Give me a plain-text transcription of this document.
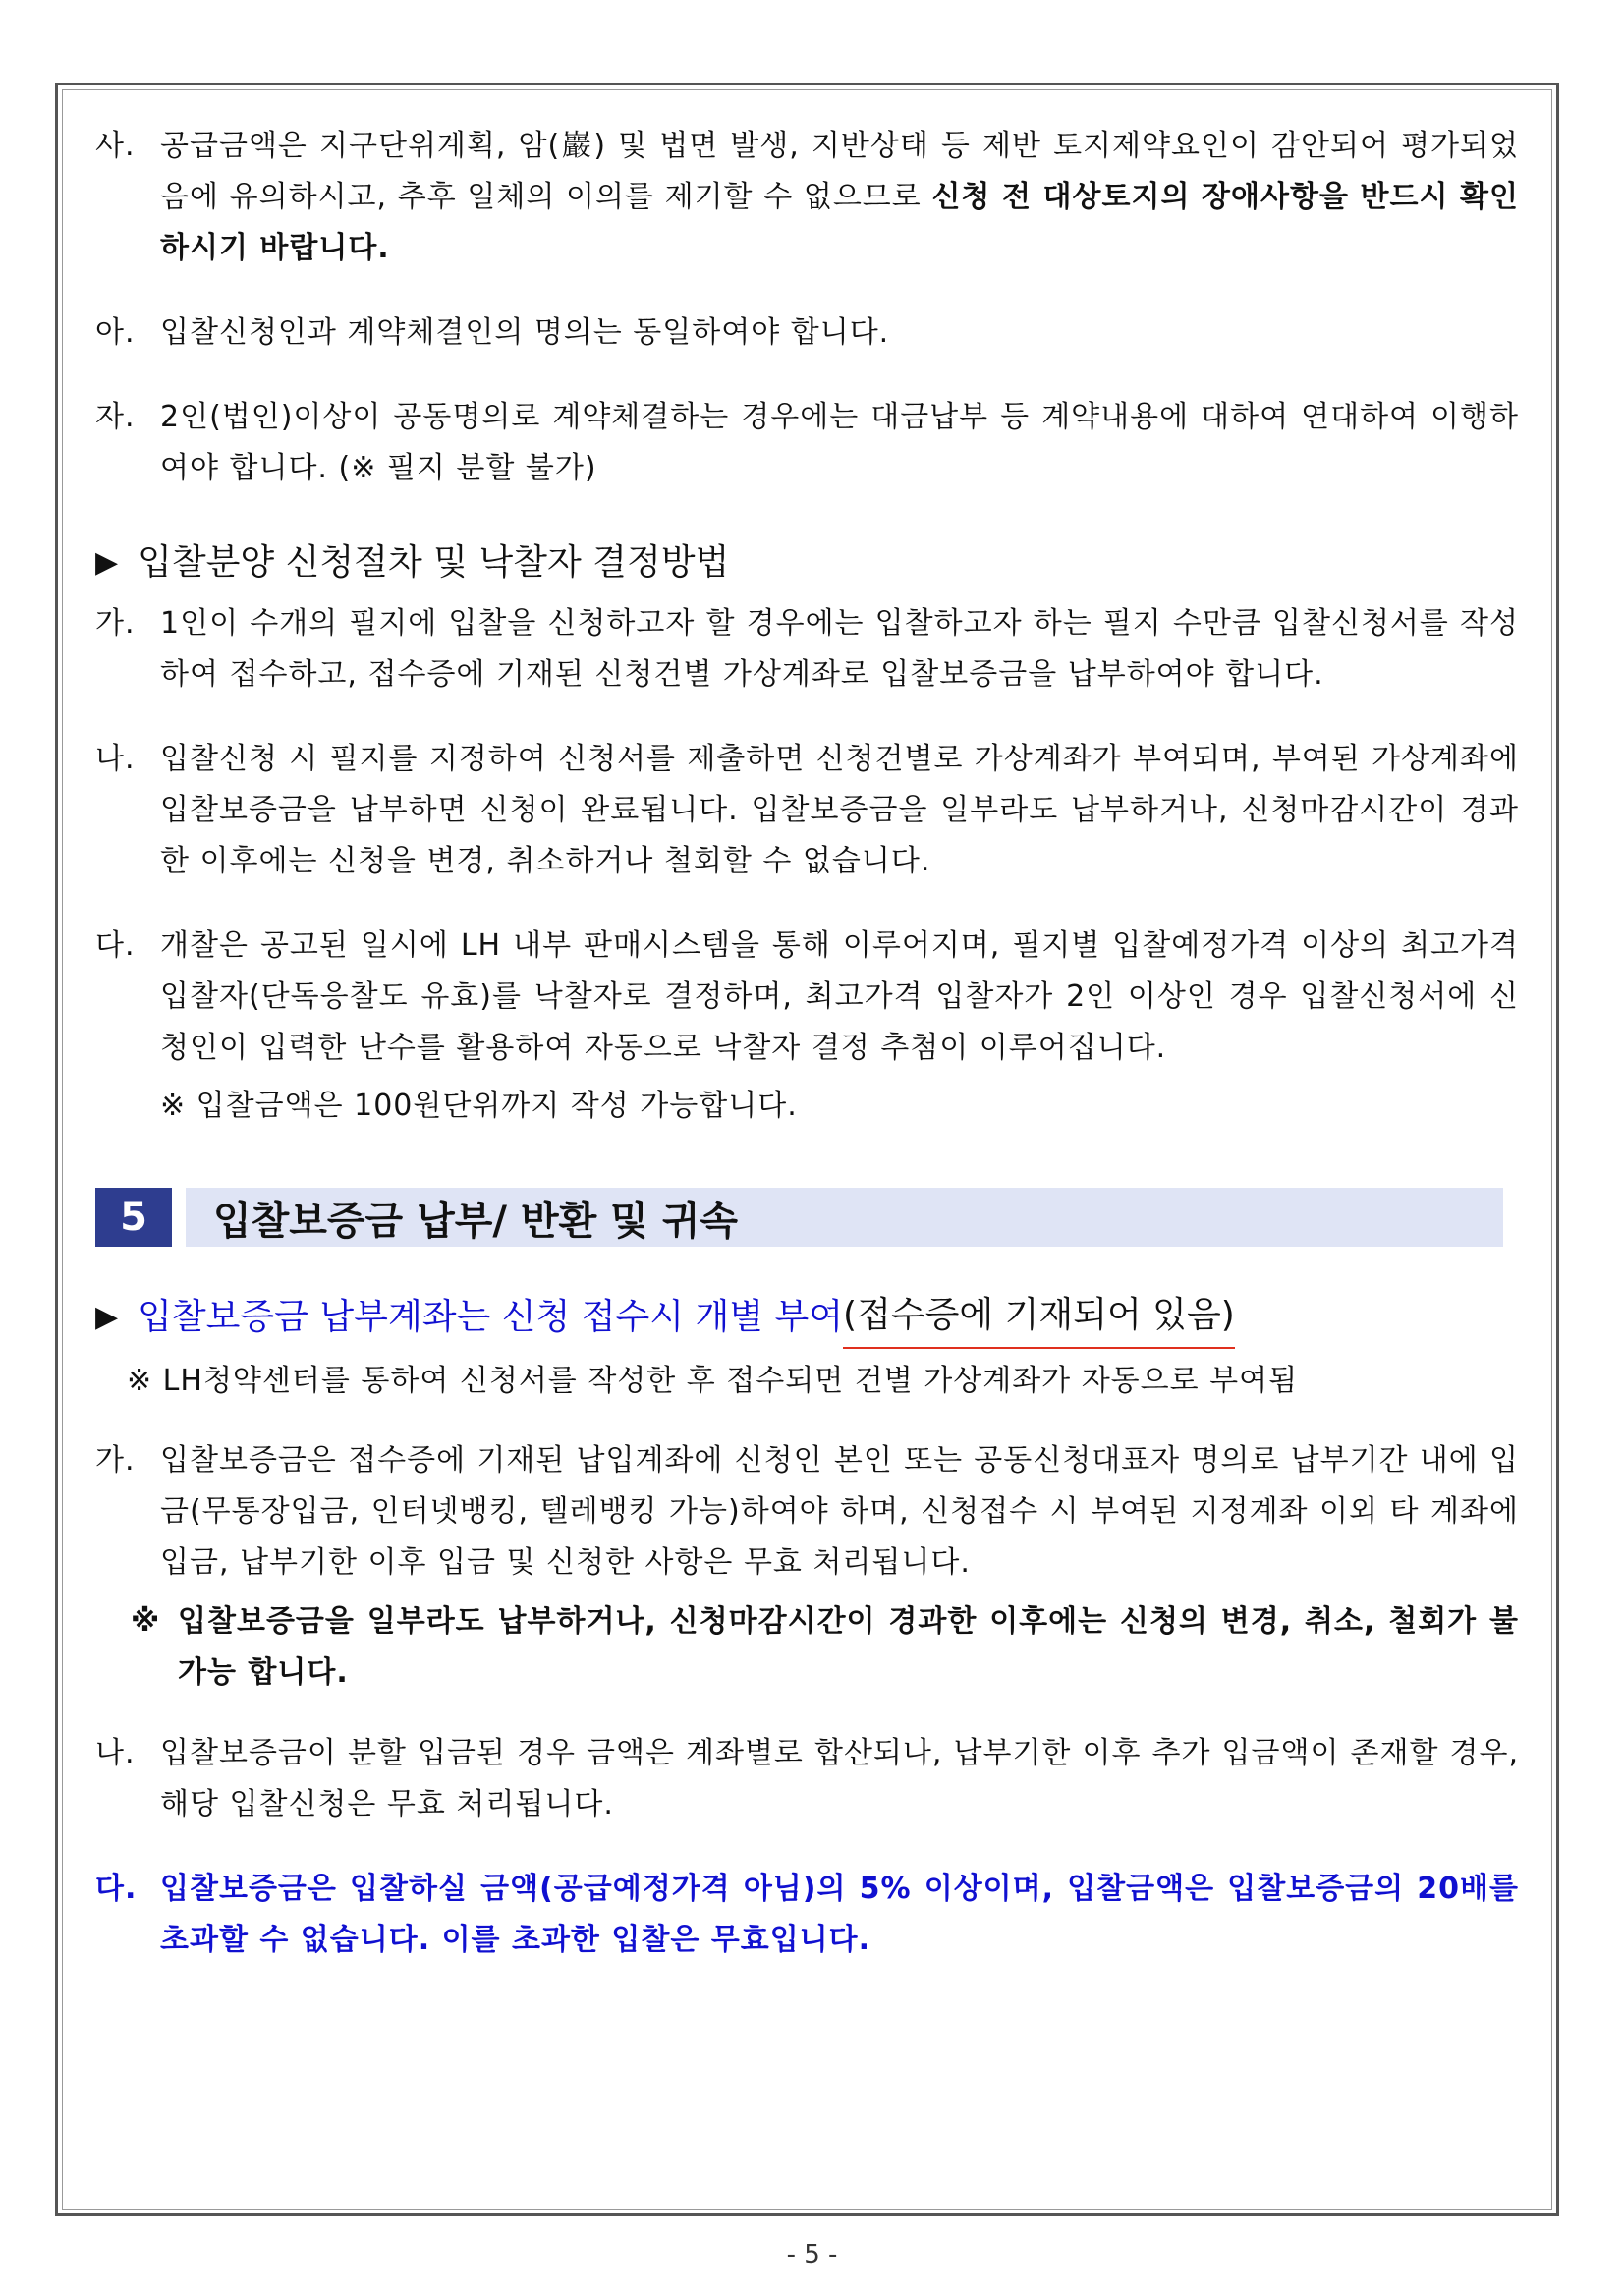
사. 공급금액은 지구단위계획, 암(巖) 및 법면 발생, 지반상태 등 제반 토지제약요인이 감안되어 평가되었음에 유의하시고, 추후 일체의 이의를 제기할 수 없으므로 신청 전 대상토지의 장애사항을 반드시 확인하시기 바랍니다.
아. 입찰신청인과 계약체결인의 명의는 동일하여야 합니다.
자. 2인(법인)이상이 공동명의로 계약체결하는 경우에는 대금납부 등 계약내용에 대하여 연대하여 이행하여야 합니다. (※ 필지 분할 불가)
▶ 입찰분양 신청절차 및 낙찰자 결정방법
가. 1인이 수개의 필지에 입찰을 신청하고자 할 경우에는 입찰하고자 하는 필지 수만큼 입찰신청서를 작성하여 접수하고, 접수증에 기재된 신청건별 가상계좌로 입찰보증금을 납부하여야 합니다.
나. 입찰신청 시 필지를 지정하여 신청서를 제출하면 신청건별로 가상계좌가 부여되며, 부여된 가상계좌에 입찰보증금을 납부하면 신청이 완료됩니다. 입찰보증금을 일부라도 납부하거나, 신청마감시간이 경과한 이후에는 신청을 변경, 취소하거나 철회할 수 없습니다.
다. 개찰은 공고된 일시에 LH 내부 판매시스템을 통해 이루어지며, 필지별 입찰예정가격 이상의 최고가격 입찰자(단독응찰도 유효)를 낙찰자로 결정하며, 최고가격 입찰자가 2인 이상인 경우 입찰신청서에 신청인이 입력한 난수를 활용하여 자동으로 낙찰자 결정 추첨이 이루어집니다.
※ 입찰금액은 100원단위까지 작성 가능합니다.
5	입찰보증금 납부/ 반환 및 귀속
▶ 입찰보증금 납부계좌는 신청 접수시 개별 부여 (접수증에 기재되어 있음)
※ LH청약센터를 통하여 신청서를 작성한 후 접수되면 건별 가상계좌가 자동으로 부여됨
가. 입찰보증금은 접수증에 기재된 납입계좌에 신청인 본인 또는 공동신청대표자 명의로 납부기간 내에 입금(무통장입금, 인터넷뱅킹, 텔레뱅킹 가능)하여야 하며, 신청접수 시 부여된 지정계좌 이외 타 계좌에 입금, 납부기한 이후 입금 및 신청한 사항은 무효 처리됩니다.
※ 입찰보증금을 일부라도 납부하거나, 신청마감시간이 경과한 이후에는 신청의 변경, 취소, 철회가 불가능 합니다.
나. 입찰보증금이 분할 입금된 경우 금액은 계좌별로 합산되나, 납부기한 이후 추가 입금액이 존재할 경우, 해당 입찰신청은 무효 처리됩니다.
다. 입찰보증금은 입찰하실 금액(공급예정가격 아님)의 5% 이상이며, 입찰금액은 입찰보증금의 20배를 초과할 수 없습니다. 이를 초과한 입찰은 무효입니다.
- 5 -
